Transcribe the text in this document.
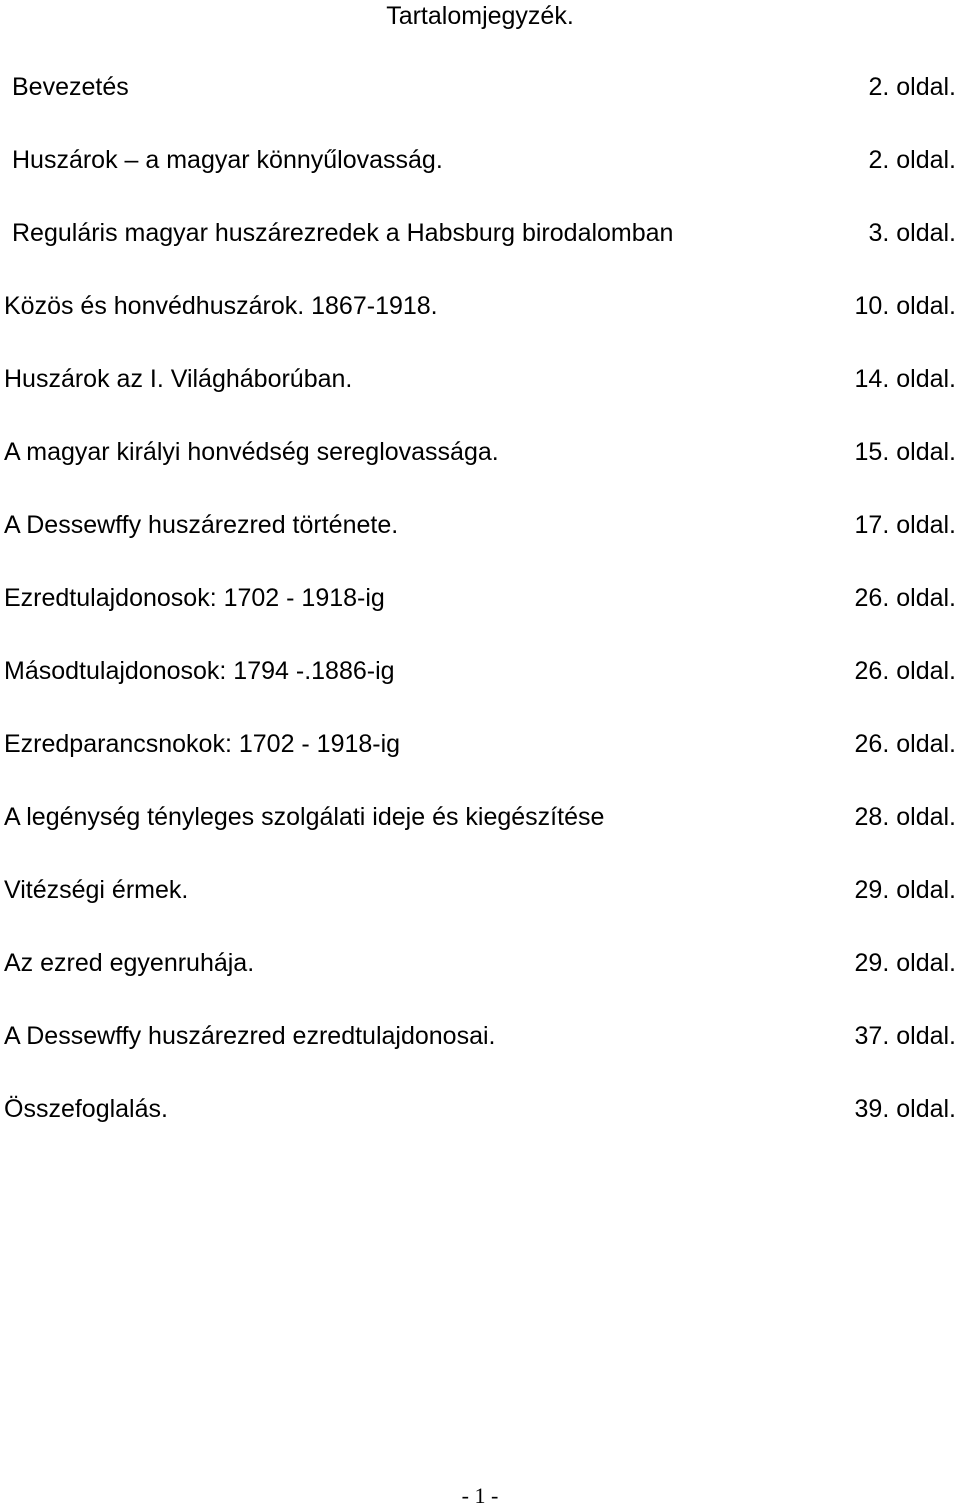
Tartalomjegyzék.
Bevezetés	2. oldal.
Huszárok – a magyar könnyűlovasság.	2. oldal.
Reguláris magyar huszárezredek a Habsburg birodalomban	3. oldal.
Közös és honvédhuszárok. 1867-1918.	10. oldal.
Huszárok az I. Világháborúban.	14. oldal.
A magyar királyi honvédség sereglovassága.	15. oldal.
A Dessewffy huszárezred története.	17. oldal.
Ezredtulajdonosok: 1702 - 1918-ig	26. oldal.
Másodtulajdonosok: 1794 -.1886-ig	26. oldal.
Ezredparancsnokok: 1702 - 1918-ig	26. oldal.
A legénység tényleges szolgálati ideje és kiegészítése	28. oldal.
Vitézségi érmek.	29. oldal.
Az ezred egyenruhája.	29. oldal.
A Dessewffy huszárezred ezredtulajdonosai.	37. oldal.
Összefoglalás.	39. oldal.
- 1 -
